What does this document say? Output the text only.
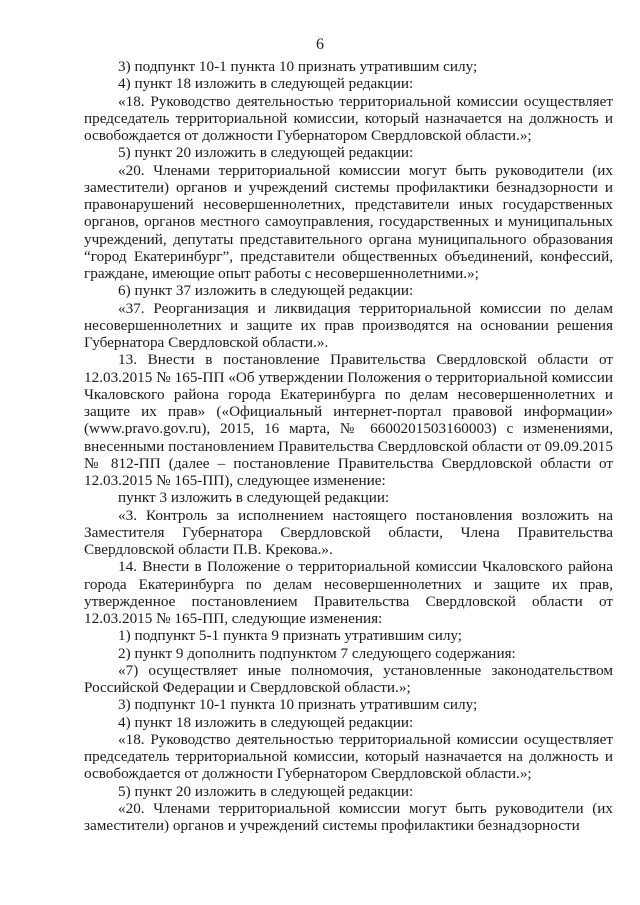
6

3) подпункт 10-1 пункта 10 признать утратившим силу;

4) пункт 18 изложить в следующей редакции:

«18. Руководство деятельностью территориальной комиссии осуществляет председатель территориальной комиссии, который назначается на должность и освобождается от должности Губернатором Свердловской области.»;

5) пункт 20 изложить в следующей редакции:

«20. Членами территориальной комиссии могут быть руководители (их заместители) органов и учреждений системы профилактики безнадзорности и правонарушений несовершеннолетних, представители иных государственных органов, органов местного самоуправления, государственных и муниципальных учреждений, депутаты представительного органа муниципального образования “город Екатеринбург”, представители общественных объединений, конфессий, граждане, имеющие опыт работы с несовершеннолетними.»;

6) пункт 37 изложить в следующей редакции:

«37. Реорганизация и ликвидация территориальной комиссии по делам несовершеннолетних и защите их прав производятся на основании решения Губернатора Свердловской области.».

13. Внести в постановление Правительства Свердловской области от 12.03.2015 № 165-ПП «Об утверждении Положения о территориальной комиссии Чкаловского района города Екатеринбурга по делам несовершеннолетних и защите их прав» («Официальный интернет-портал правовой информации» (www.pravo.gov.ru), 2015, 16 марта, № 6600201503160003) с изменениями, внесенными постановлением Правительства Свердловской области от 09.09.2015 № 812-ПП (далее – постановление Правительства Свердловской области от 12.03.2015 № 165-ПП), следующее изменение:

пункт 3 изложить в следующей редакции:

«3. Контроль за исполнением настоящего постановления возложить на Заместителя Губернатора Свердловской области, Члена Правительства Свердловской области П.В. Крекова.».

14. Внести в Положение о территориальной комиссии Чкаловского района города Екатеринбурга по делам несовершеннолетних и защите их прав, утвержденное постановлением Правительства Свердловской области от 12.03.2015 № 165-ПП, следующие изменения:

1) подпункт 5-1 пункта 9 признать утратившим силу;

2) пункт 9 дополнить подпунктом 7 следующего содержания:

«7) осуществляет иные полномочия, установленные законодательством Российской Федерации и Свердловской области.»;

3) подпункт 10-1 пункта 10 признать утратившим силу;

4) пункт 18 изложить в следующей редакции:

«18. Руководство деятельностью территориальной комиссии осуществляет председатель территориальной комиссии, который назначается на должность и освобождается от должности Губернатором Свердловской области.»;

5) пункт 20 изложить в следующей редакции:

«20. Членами территориальной комиссии могут быть руководители (их заместители) органов и учреждений системы профилактики безнадзорности
